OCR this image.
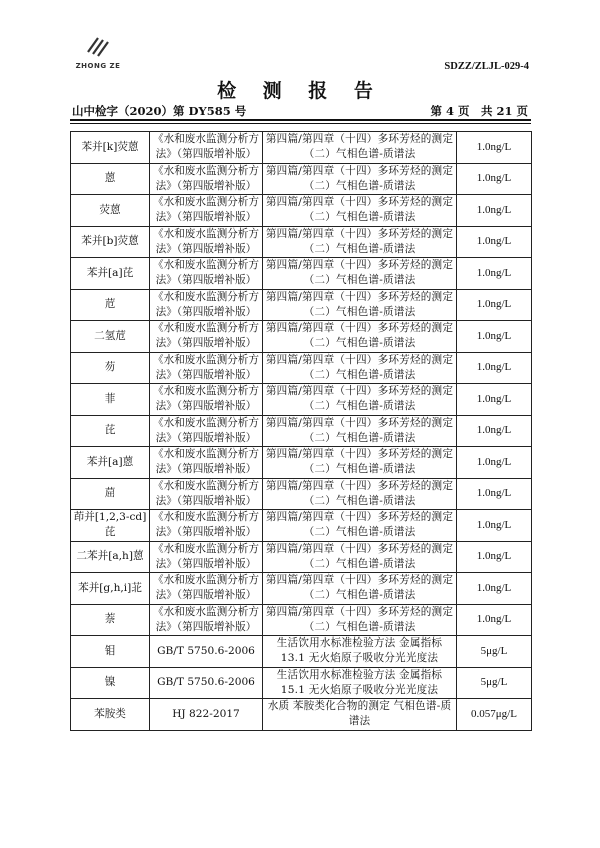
ZHONG ZE	SDZZ/ZLJL-029-4
检 测 报 告
山中检字（2020）第 DY585 号	第 4 页　共 21 页
苯并[k]荧蒽	《水和废水监测分析方法》（第四版增补版）	第四篇/第四章（十四）多环芳烃的测定（二）气相色谱-质谱法	1.0ng/L
蒽	《水和废水监测分析方法》（第四版增补版）	第四篇/第四章（十四）多环芳烃的测定（二）气相色谱-质谱法	1.0ng/L
荧蒽	《水和废水监测分析方法》（第四版增补版）	第四篇/第四章（十四）多环芳烃的测定（二）气相色谱-质谱法	1.0ng/L
苯并[b]荧蒽	《水和废水监测分析方法》（第四版增补版）	第四篇/第四章（十四）多环芳烃的测定（二）气相色谱-质谱法	1.0ng/L
苯并[a]芘	《水和废水监测分析方法》（第四版增补版）	第四篇/第四章（十四）多环芳烃的测定（二）气相色谱-质谱法	1.0ng/L
苊	《水和废水监测分析方法》（第四版增补版）	第四篇/第四章（十四）多环芳烃的测定（二）气相色谱-质谱法	1.0ng/L
二氢苊	《水和废水监测分析方法》（第四版增补版）	第四篇/第四章（十四）多环芳烃的测定（二）气相色谱-质谱法	1.0ng/L
芴	《水和废水监测分析方法》（第四版增补版）	第四篇/第四章（十四）多环芳烃的测定（二）气相色谱-质谱法	1.0ng/L
菲	《水和废水监测分析方法》（第四版增补版）	第四篇/第四章（十四）多环芳烃的测定（二）气相色谱-质谱法	1.0ng/L
芘	《水和废水监测分析方法》（第四版增补版）	第四篇/第四章（十四）多环芳烃的测定（二）气相色谱-质谱法	1.0ng/L
苯并[a]蒽	《水和废水监测分析方法》（第四版增补版）	第四篇/第四章（十四）多环芳烃的测定（二）气相色谱-质谱法	1.0ng/L
䓛	《水和废水监测分析方法》（第四版增补版）	第四篇/第四章（十四）多环芳烃的测定（二）气相色谱-质谱法	1.0ng/L
茚并[1,2,3-cd]芘	《水和废水监测分析方法》（第四版增补版）	第四篇/第四章（十四）多环芳烃的测定（二）气相色谱-质谱法	1.0ng/L
二苯并[a,h]蒽	《水和废水监测分析方法》（第四版增补版）	第四篇/第四章（十四）多环芳烃的测定（二）气相色谱-质谱法	1.0ng/L
苯并[g,h,i]苝	《水和废水监测分析方法》（第四版增补版）	第四篇/第四章（十四）多环芳烃的测定（二）气相色谱-质谱法	1.0ng/L
萘	《水和废水监测分析方法》（第四版增补版）	第四篇/第四章（十四）多环芳烃的测定（二）气相色谱-质谱法	1.0ng/L
钼	GB/T 5750.6-2006	生活饮用水标准检验方法 金属指标 13.1 无火焰原子吸收分光光度法	5μg/L
镍	GB/T 5750.6-2006	生活饮用水标准检验方法 金属指标 15.1 无火焰原子吸收分光光度法	5μg/L
苯胺类	HJ 822-2017	水质 苯胺类化合物的测定 气相色谱-质谱法	0.057μg/L
